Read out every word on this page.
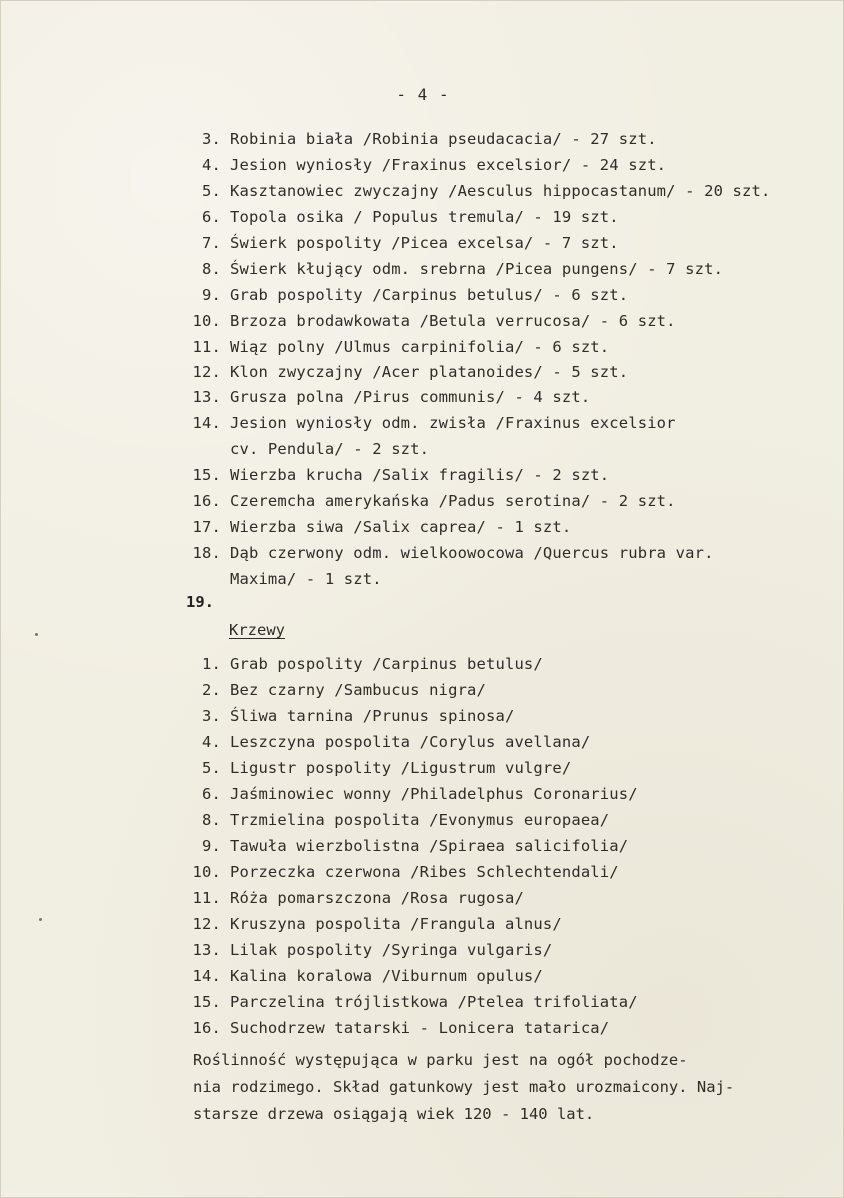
- 4 -
3. Robinia biała /Robinia pseudacacia/ - 27 szt.
4. Jesion wyniosły /Fraxinus excelsior/ - 24 szt.
5. Kasztanowiec zwyczajny /Aesculus hippocastanum/ - 20 szt.
6. Topola osika / Populus tremula/ - 19 szt.
7. Świerk pospolity /Picea excelsa/ - 7 szt.
8. Świerk kłujący odm. srebrna /Picea pungens/ - 7 szt.
9. Grab pospolity /Carpinus betulus/ - 6 szt.
10. Brzoza brodawkowata /Betula verrucosa/ - 6 szt.
11. Wiąz polny /Ulmus carpinifolia/ - 6 szt.
12. Klon zwyczajny /Acer platanoides/ - 5 szt.
13. Grusza polna /Pirus communis/ - 4 szt.
14. Jesion wyniosły odm. zwisła /Fraxinus excelsior
cv. Pendula/ - 2 szt.
15. Wierzba krucha /Salix fragilis/ - 2 szt.
16. Czeremcha amerykańska /Padus serotina/ - 2 szt.
17. Wierzba siwa /Salix caprea/ - 1 szt.
18. Dąb czerwony odm. wielkoowocowa /Quercus rubra var.
Maxima/ - 1 szt.
19.
Krzewy
1. Grab pospolity /Carpinus betulus/
2. Bez czarny /Sambucus nigra/
3. Śliwa tarnina /Prunus spinosa/
4. Leszczyna pospolita /Corylus avellana/
5. Ligustr pospolity /Ligustrum vulgre/
6. Jaśminowiec wonny /Philadelphus Coronarius/
8. Trzmielina pospolita /Evonymus europaea/
9. Tawuła wierzbolistna /Spiraea salicifolia/
10. Porzeczka czerwona /Ribes Schlechtendali/
11. Róża pomarszczona /Rosa rugosa/
12. Kruszyna pospolita /Frangula alnus/
13. Lilak pospolity /Syringa vulgaris/
14. Kalina koralowa /Viburnum opulus/
15. Parczelina trójlistkowa /Ptelea trifoliata/
16. Suchodrzew tatarski - Lonicera tatarica/
Roślinność występująca w parku jest na ogół pochodze-
nia rodzimego. Skład gatunkowy jest mało urozmaicony. Naj-
starsze drzewa osiągają wiek 120 - 140 lat.
